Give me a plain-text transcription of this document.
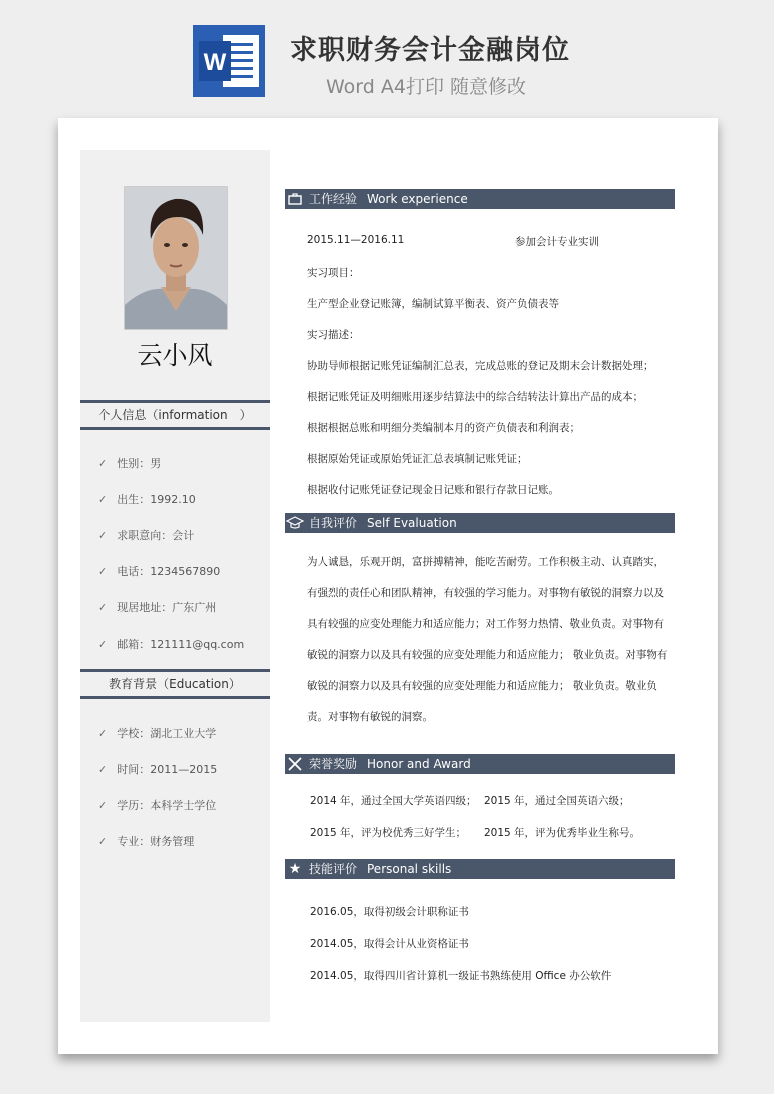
W 求职财务会计金融岗位
Word A4打印 随意修改
云小风
个人信息（information　）
✓ 性别：男
✓ 出生：1992.10
✓ 求职意向：会计
✓ 电话：1234567890
✓ 现居地址：广东广州
✓ 邮箱：121111@qq.com
教育背景（Education）
✓ 学校：湖北工业大学
✓ 时间：2011—2015
✓ 学历：本科学士学位
✓ 专业：财务管理
工作经验 Work experience
2015.11—2016.11	参加会计专业实训
实习项目：
生产型企业登记账簿，编制试算平衡表、资产负债表等
实习描述：
协助导师根据记账凭证编制汇总表，完成总账的登记及期末会计数据处理；
根据记账凭证及明细账用逐步结算法中的综合结转法计算出产品的成本；
根据根据总账和明细分类编制本月的资产负债表和利润表；
根据原始凭证或原始凭证汇总表填制记账凭证；
根据收付记账凭证登记现金日记账和银行存款日记账。
自我评价 Self Evaluation
为人诚恳，乐观开朗，富拼搏精神，能吃苦耐劳。工作积极主动、认真踏实，有强烈的责任心和团队精神，有较强的学习能力。对事物有敏锐的洞察力以及具有较强的应变处理能力和适应能力；对工作努力热情、敬业负责。对事物有敏锐的洞察力以及具有较强的应变处理能力和适应能力； 敬业负责。对事物有敏锐的洞察力以及具有较强的应变处理能力和适应能力； 敬业负责。敬业负责。对事物有敏锐的洞察。
荣誉奖励 Honor and Award
2014 年，通过全国大学英语四级； 2015 年，通过全国英语六级；
2015 年，评为校优秀三好学生； 2015 年，评为优秀毕业生称号。
★ 技能评价 Personal skills
2016.05，取得初级会计职称证书
2014.05，取得会计从业资格证书
2014.05，取得四川省计算机一级证书熟练使用 Office 办公软件
